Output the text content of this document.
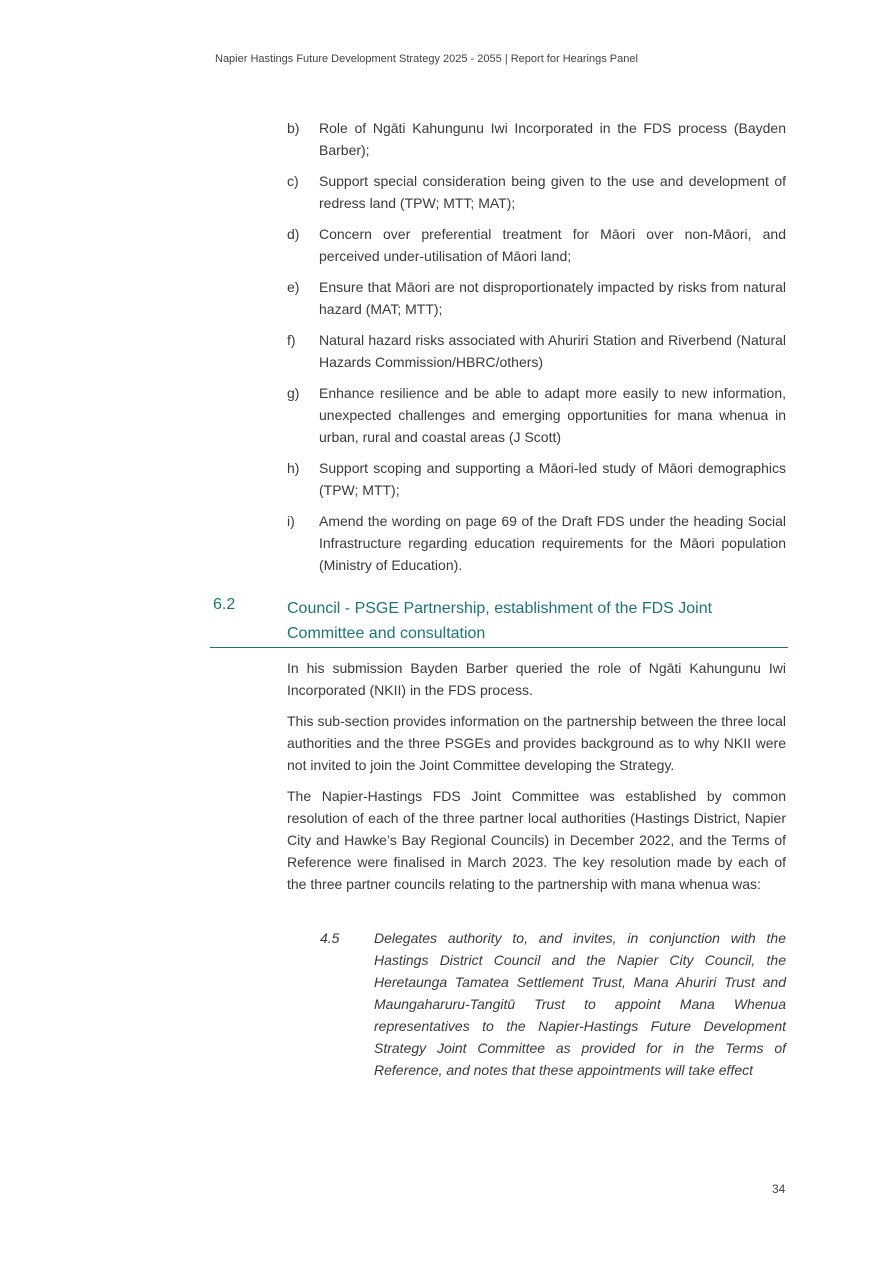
Napier Hastings Future Development Strategy 2025 - 2055 | Report for Hearings Panel
b)	Role of Ngāti Kahungunu Iwi Incorporated in the FDS process (Bayden Barber);
c)	Support special consideration being given to the use and development of redress land (TPW; MTT; MAT);
d)	Concern over preferential treatment for Māori over non-Māori, and perceived under-utilisation of Māori land;
e)	Ensure that Māori are not disproportionately impacted by risks from natural hazard (MAT; MTT);
f)	Natural hazard risks associated with Ahuriri Station and Riverbend (Natural Hazards Commission/HBRC/others)
g)	Enhance resilience and be able to adapt more easily to new information, unexpected challenges and emerging opportunities for mana whenua in urban, rural and coastal areas (J Scott)
h)	Support scoping and supporting a Māori-led study of Māori demographics (TPW; MTT);
i)	Amend the wording on page 69 of the Draft FDS under the heading Social Infrastructure regarding education requirements for the Māori population (Ministry of Education).
6.2	Council - PSGE Partnership, establishment of the FDS Joint Committee and consultation

In his submission Bayden Barber queried the role of Ngāti Kahungunu Iwi Incorporated (NKII) in the FDS process.

This sub-section provides information on the partnership between the three local authorities and the three PSGEs and provides background as to why NKII were not invited to join the Joint Committee developing the Strategy.

The Napier-Hastings FDS Joint Committee was established by common resolution of each of the three partner local authorities (Hastings District, Napier City and Hawke’s Bay Regional Councils) in December 2022, and the Terms of Reference were finalised in March 2023. The key resolution made by each of the three partner councils relating to the partnership with mana whenua was:

4.5	Delegates authority to, and invites, in conjunction with the Hastings District Council and the Napier City Council, the Heretaunga Tamatea Settlement Trust, Mana Ahuriri Trust and Maungaharuru-Tangitū Trust to appoint Mana Whenua representatives to the Napier-Hastings Future Development Strategy Joint Committee as provided for in the Terms of Reference, and notes that these appointments will take effect
34
